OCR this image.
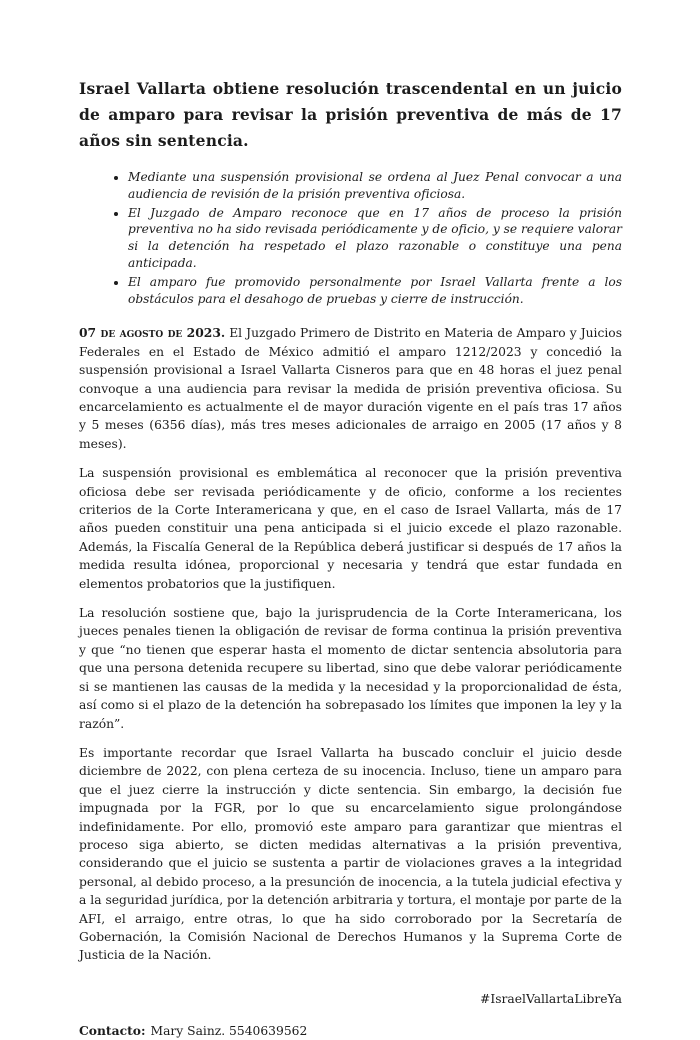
Israel Vallarta obtiene resolución trascendental en un juicio de amparo para revisar la prisión preventiva de más de 17 años sin sentencia.
• Mediante una suspensión provisional se ordena al Juez Penal convocar a una audiencia de revisión de la prisión preventiva oficiosa.
• El Juzgado de Amparo reconoce que en 17 años de proceso la prisión preventiva no ha sido revisada periódicamente y de oficio, y se requiere valorar si la detención ha respetado el plazo razonable o constituye una pena anticipada.
• El amparo fue promovido personalmente por Israel Vallarta frente a los obstáculos para el desahogo de pruebas y cierre de instrucción.

07 de agosto de 2023. El Juzgado Primero de Distrito en Materia de Amparo y Juicios Federales en el Estado de México admitió el amparo 1212/2023 y concedió la suspensión provisional a Israel Vallarta Cisneros para que en 48 horas el juez penal convoque a una audiencia para revisar la medida de prisión preventiva oficiosa. Su encarcelamiento es actualmente el de mayor duración vigente en el país tras 17 años y 5 meses (6356 días), más tres meses adicionales de arraigo en 2005 (17 años y 8 meses).

La suspensión provisional es emblemática al reconocer que la prisión preventiva oficiosa debe ser revisada periódicamente y de oficio, conforme a los recientes criterios de la Corte Interamericana y que, en el caso de Israel Vallarta, más de 17 años pueden constituir una pena anticipada si el juicio excede el plazo razonable. Además, la Fiscalía General de la República deberá justificar si después de 17 años la medida resulta idónea, proporcional y necesaria y tendrá que estar fundada en elementos probatorios que la justifiquen.

La resolución sostiene que, bajo la jurisprudencia de la Corte Interamericana, los jueces penales tienen la obligación de revisar de forma continua la prisión preventiva y que “no tienen que esperar hasta el momento de dictar sentencia absolutoria para que una persona detenida recupere su libertad, sino que debe valorar periódicamente si se mantienen las causas de la medida y la necesidad y la proporcionalidad de ésta, así como si el plazo de la detención ha sobrepasado los límites que imponen la ley y la razón”.

Es importante recordar que Israel Vallarta ha buscado concluir el juicio desde diciembre de 2022, con plena certeza de su inocencia. Incluso, tiene un amparo para que el juez cierre la instrucción y dicte sentencia. Sin embargo, la decisión fue impugnada por la FGR, por lo que su encarcelamiento sigue prolongándose indefinidamente. Por ello, promovió este amparo para garantizar que mientras el proceso siga abierto, se dicten medidas alternativas a la prisión preventiva, considerando que el juicio se sustenta a partir de violaciones graves a la integridad personal, al debido proceso, a la presunción de inocencia, a la tutela judicial efectiva y a la seguridad jurídica, por la detención arbitraria y tortura, el montaje por parte de la AFI, el arraigo, entre otras, lo que ha sido corroborado por la Secretaría de Gobernación, la Comisión Nacional de Derechos Humanos y la Suprema Corte de Justicia de la Nación.

#IsraelVallartaLibreYa

Contacto: Mary Sainz. 5540639562
